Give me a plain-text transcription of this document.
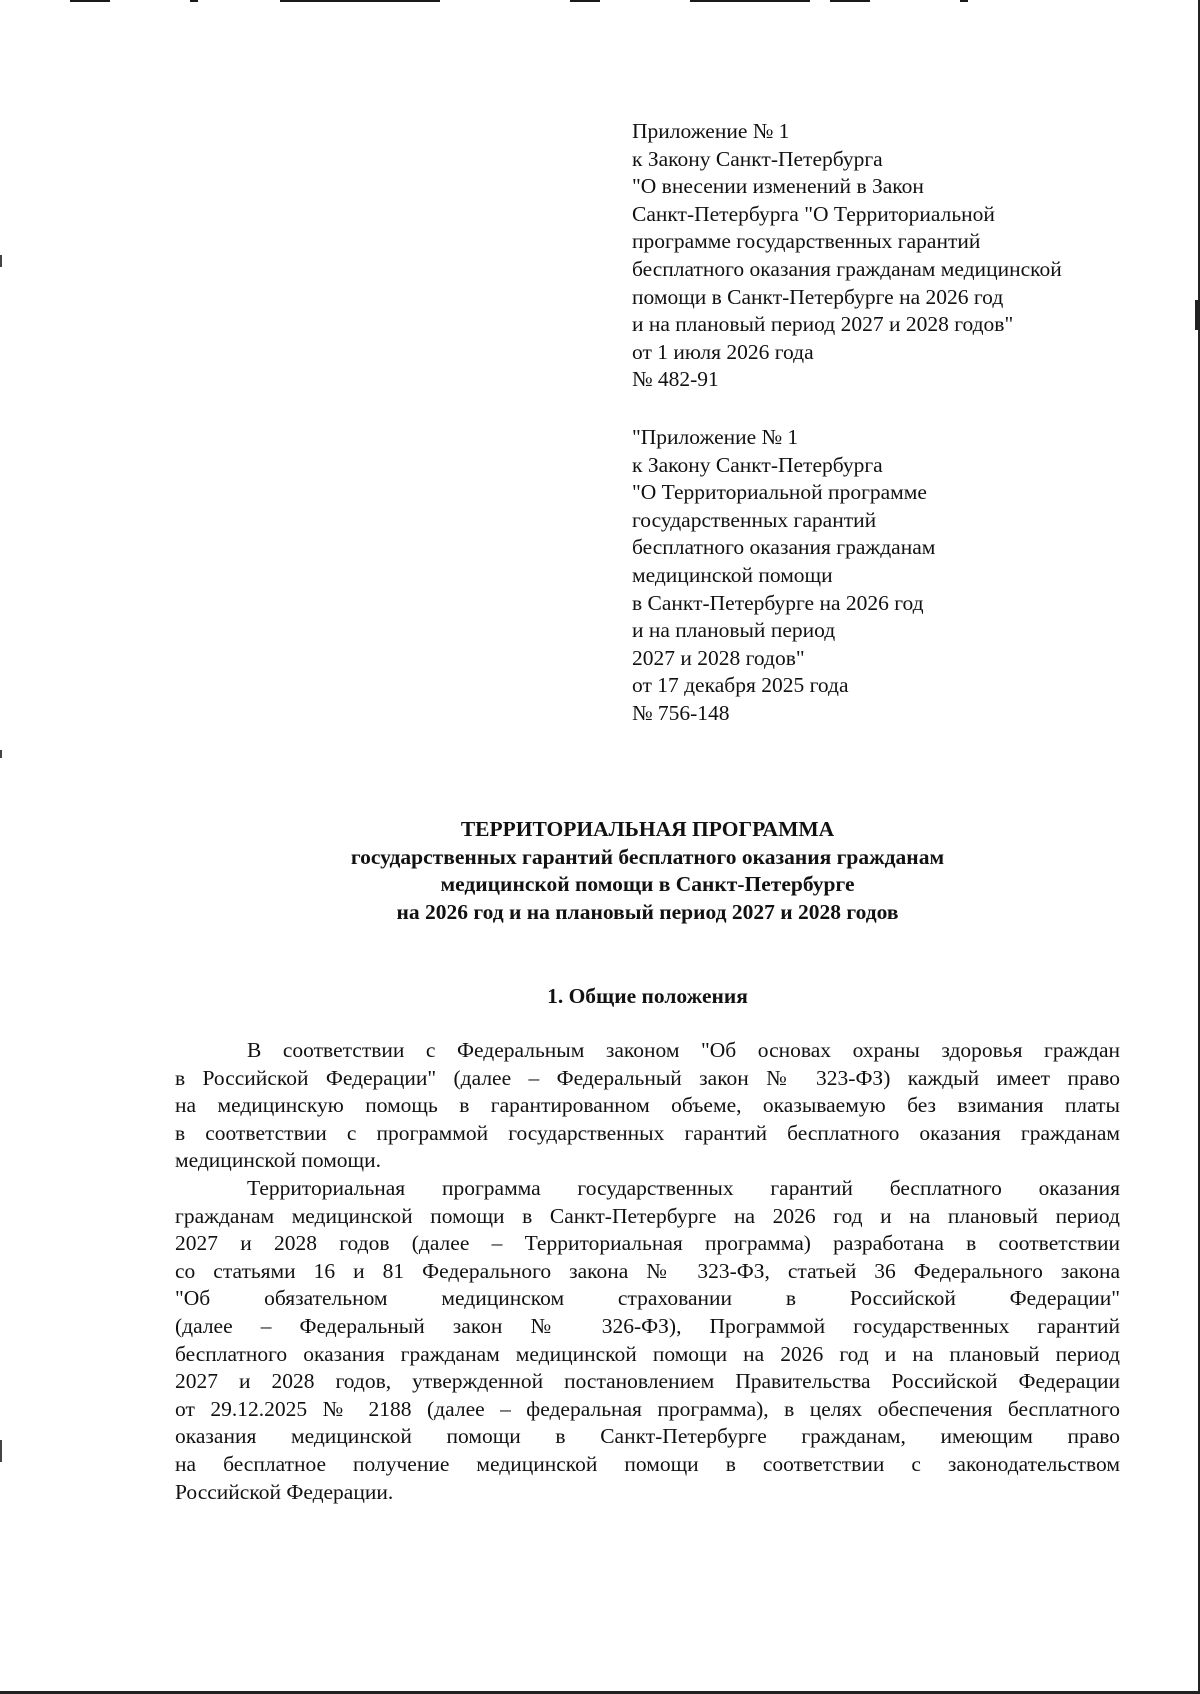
Приложение № 1
к Закону Санкт-Петербурга
"О внесении изменений в Закон
Санкт-Петербурга "О Территориальной
программе государственных гарантий
бесплатного оказания гражданам медицинской
помощи в Санкт-Петербурге на 2026 год
и на плановый период 2027 и 2028 годов"
от 1 июля 2026 года
№ 482-91
"Приложение № 1
к Закону Санкт-Петербурга
"О Территориальной программе
государственных гарантий
бесплатного оказания гражданам
медицинской помощи
в Санкт-Петербурге на 2026 год
и на плановый период
2027 и 2028 годов"
от 17 декабря 2025 года
№ 756-148
ТЕРРИТОРИАЛЬНАЯ ПРОГРАММА
государственных гарантий бесплатного оказания гражданам
медицинской помощи в Санкт-Петербурге
на 2026 год и на плановый период 2027 и 2028 годов
1. Общие положения
В соответствии с Федеральным законом "Об основах охраны здоровья граждан
в Российской Федерации" (далее – Федеральный закон № 323-ФЗ) каждый имеет право
на медицинскую помощь в гарантированном объеме, оказываемую без взимания платы
в соответствии с программой государственных гарантий бесплатного оказания гражданам
медицинской помощи.
Территориальная программа государственных гарантий бесплатного оказания
гражданам медицинской помощи в Санкт-Петербурге на 2026 год и на плановый период
2027 и 2028 годов (далее – Территориальная программа) разработана в соответствии
со статьями 16 и 81 Федерального закона № 323-ФЗ, статьей 36 Федерального закона
"Об обязательном медицинском страховании в Российской Федерации"
(далее – Федеральный закон № 326-ФЗ), Программой государственных гарантий
бесплатного оказания гражданам медицинской помощи на 2026 год и на плановый период
2027 и 2028 годов, утвержденной постановлением Правительства Российской Федерации
от 29.12.2025 № 2188 (далее – федеральная программа), в целях обеспечения бесплатного
оказания медицинской помощи в Санкт-Петербурге гражданам, имеющим право
на бесплатное получение медицинской помощи в соответствии с законодательством
Российской Федерации.
